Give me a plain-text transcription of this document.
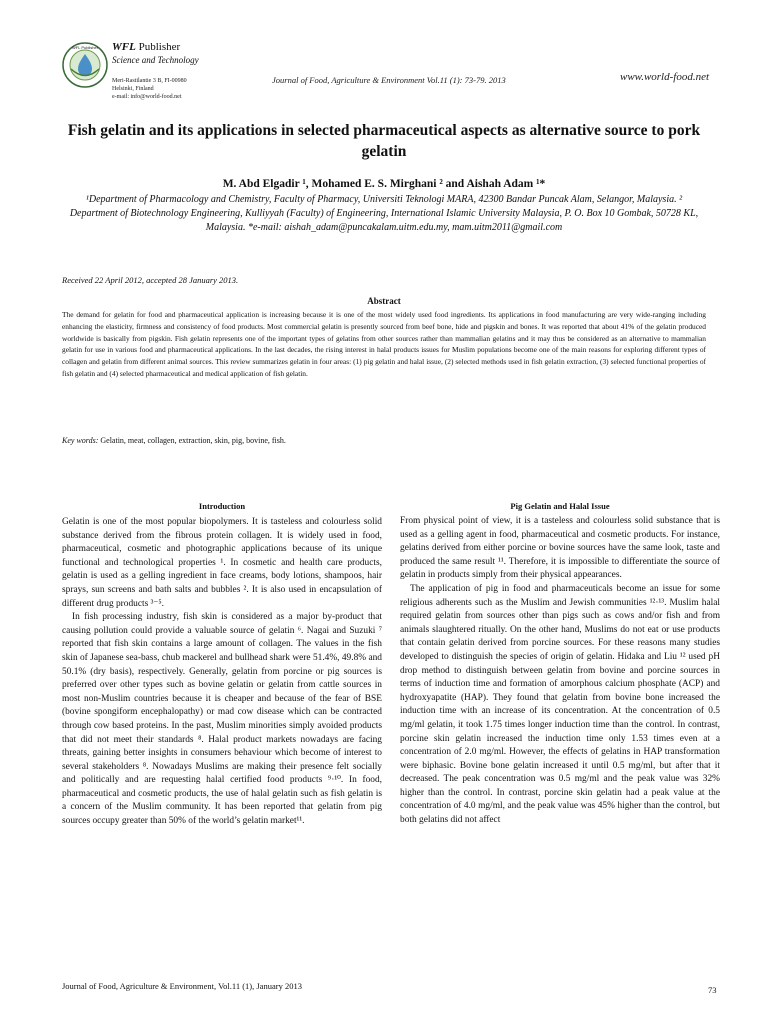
WFL Publisher WFL Publisher
Science and Technology
Meri-Rastilantie 3 B, FI-00980
Helsinki, Finland
e-mail: info@world-food.net
Journal of Food, Agriculture & Environment Vol.11 (1): 73-79. 2013	www.world-food.net
Fish gelatin and its applications in selected pharmaceutical aspects as alternative source to pork gelatin
M. Abd Elgadir ¹, Mohamed E. S. Mirghani ² and Aishah Adam ¹*
¹Department of Pharmacology and Chemistry, Faculty of Pharmacy, Universiti Teknologi MARA, 42300 Bandar Puncak Alam, Selangor, Malaysia. ² Department of Biotechnology Engineering, Kulliyyah (Faculty) of Engineering, International Islamic University Malaysia, P. O. Box 10 Gombak, 50728 KL, Malaysia. *e-mail: aishah_adam@puncakalam.uitm.edu.my, mam.uitm2011@gmail.com
Received 22 April 2012, accepted 28 January 2013.
Abstract
The demand for gelatin for food and pharmaceutical application is increasing because it is one of the most widely used food ingredients. Its applications in food manufacturing are very wide-ranging including enhancing the elasticity, firmness and consistency of food products. Most commercial gelatin is presently sourced from beef bone, hide and pigskin and bones. It was reported that about 41% of the gelatin produced worldwide is basically from pigskin. Fish gelatin represents one of the important types of gelatins from other sources rather than mammalian gelatins and it may thus be considered as an alternative to mammalian gelatin for use in various food and pharmaceutical applications. In the last decades, the rising interest in halal products issues for Muslim populations become one of the main reasons for exploring different types of collagen and gelatin from different animal sources. This review summarizes gelatin in four areas: (1) pig gelatin and halal issue, (2) selected methods used in fish gelatin extraction, (3) selected functional properties of fish gelatin and (4) selected pharmaceutical and medical application of fish gelatin.
Key words: Gelatin, meat, collagen, extraction, skin, pig, bovine, fish.
Introduction

Gelatin is one of the most popular biopolymers. It is tasteless and colourless solid substance derived from the fibrous protein collagen. It is widely used in food, pharmaceutical, cosmetic and photographic applications because of its unique functional and technological properties ¹. In cosmetic and health care products, gelatin is used as a gelling ingredient in face creams, body lotions, shampoos, hair sprays, sun screens and bath salts and bubbles ². It is also used in encapsulation of different drug products ³⁻⁵.

In fish processing industry, fish skin is considered as a major by-product that causing pollution could provide a valuable source of gelatin ⁶. Nagai and Suzuki ⁷ reported that fish skin contains a large amount of collagen. The values in the fish skin of Japanese sea-bass, chub mackerel and bullhead shark were 51.4%, 49.8% and 50.1% (dry basis), respectively. Generally, gelatin from porcine or pig sources is preferred over other types such as bovine gelatin or gelatin from cattle sources in most non-Muslim countries because it is cheaper and because of the fear of BSE (bovine spongiform encephalopathy) or mad cow disease which can be contracted through cow based proteins. In the past, Muslim minorities simply avoided products that did not meet their standards ⁸. Halal product markets nowadays are facing threats, gaining better insights in consumers behaviour which become of interest to several stakeholders ⁸. Nowadays Muslims are making their presence felt socially and politically and are requesting halal certified food products ⁹·¹⁰. In food, pharmaceutical and cosmetic products, the use of halal gelatin such as fish gelatin is a concern of the Muslim community. It has been reported that gelatin from pig sources occupy greater than 50% of the world’s gelatin market¹¹.

Pig Gelatin and Halal Issue

From physical point of view, it is a tasteless and colourless solid substance that is used as a gelling agent in food, pharmaceutical and cosmetic products. For instance, gelatins derived from either porcine or bovine sources have the same look, taste and produced the same result ¹¹. Therefore, it is impossible to differentiate the source of gelatin in products simply from their physical appearances.

The application of pig in food and pharmaceuticals become an issue for some religious adherents such as the Muslim and Jewish communities ¹²·¹³. Muslim halal required gelatin from sources other than pigs such as cows and/or fish and from animals slaughtered ritually. On the other hand, Muslims do not eat or use products that contain gelatin derived from porcine sources. For these reasons many studies developed to distinguish the species of origin of gelatin. Hidaka and Liu ¹² used pH drop method to distinguish between gelatin from bovine and porcine sources in terms of induction time and formation of amorphous calcium phosphate (ACP) and hydroxyapatite (HAP). They found that gelatin from bovine bone increased the induction time with an increase of its concentration. At the concentration of 0.5 mg/ml gelatin, it took 1.75 times longer induction time than the control. In contrast, porcine skin gelatin increased the induction time only 1.53 times even at a concentration of 2.0 mg/ml. However, the effects of gelatins in HAP transformation were biphasic. Bovine bone gelatin increased it until 0.5 mg/ml, but after that it decreased. The peak concentration was 0.5 mg/ml and the peak value was 32% higher than the control. In contrast, porcine skin gelatin had a peak value at the concentration of 4.0 mg/ml, and the peak value was 45% higher than the control, but both gelatins did not affect

Journal of Food, Agriculture & Environment, Vol.11 (1), January 2013	73
